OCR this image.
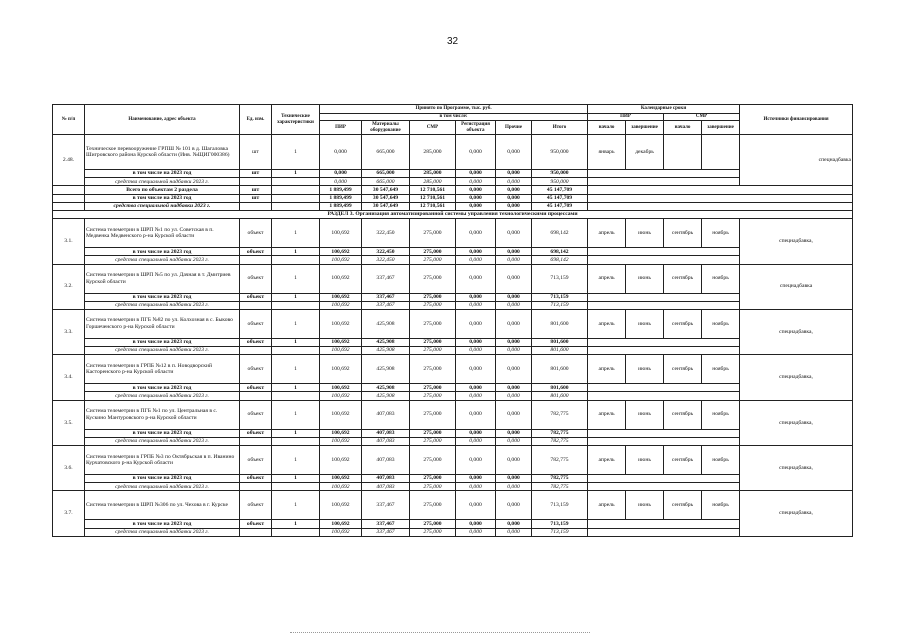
32
№ п/п	Наименование, адрес объекта	Ед. изм.	Технические характеристики	Принято по Программе, тыс. руб.						Календарные сроки				Источники финансирования
				в том числе:						ПИР		СМР		
				ПИР	Материалы оборудование	СМР	Регистрация объекта	Прочие	Итого	начало	завершение	начало	завершение	
2.48.	Техническое перевооружение ГРПШ № 101 в д. Шагаловка Шигровского района Курской области (Инв. №ЩИГ000386)	шт	1	0,000	665,000	285,000	0,000	0,000	950,000	январь	декабрь			спецнадбавка
	в том числе на 2023 год	шт	1	0,000	665,000	285,000	0,000	0,000	950,000					
	средства специальной надбавки 2023 г.			0,000	665,000	285,000	0,000	0,000	950,000					
	Всего по объектам 2 раздела	шт		1 889,499	30 547,649	12 710,561	0,000	0,000	45 147,709					
	в том числе на 2023 год	шт		1 889,499	30 547,649	12 710,561	0,000	0,000	45 147,709					
	средства специальной надбавки 2023 г.			1 889,499	30 547,649	12 710,561	0,000	0,000	45 147,709					
РАЗДЕЛ 3. Организация автоматизированной системы управления технологическими процессами														
3.1.	Система телеметрии в ШРП №1 по ул. Советская в п. Медвенка Медвенского р-на Курской области	объект	1	100,692	322,450	275,000	0,000	0,000	698,142	апрель	июнь	сентябрь	ноябрь	спецнадбавка,
	в том числе на 2023 год	объект	1	100,692	322,450	275,000	0,000	0,000	698,142					
	средства специальной надбавки 2023 г.			100,692	322,450	275,000	0,000	0,000	698,142					
3.2.	Система телеметрии в ШРП №5 по ул. Дачная в т. Дмитриев Курской области	объект	1	100,692	337,467	275,000	0,000	0,000	713,159	апрель	июнь	сентябрь	ноябрь	спецнадбавка
	в том числе на 2023 год	объект	1	100,692	337,467	275,000	0,000	0,000	713,159					
	средства специальной надбавки 2023 г.			100,692	337,467	275,000	0,000	0,000	713,159					
3.3.	Система телеметрии в ПГБ №82 по ул. Колхозная в с. Быково Горшеченского р-на Курской области	объект	1	100,692	425,908	275,000	0,000	0,000	801,600	апрель	июнь	сентябрь	ноябрь	спецнадбавка,
	в том числе на 2023 год	объект	1	100,692	425,908	275,000	0,000	0,000	801,600					
	средства специальной надбавки 2023 г.			100,692	425,908	275,000	0,000	0,000	801,600					
3.4.	Система телеметрии в ГРПБ №12 в п. Новодворский Касторенского р-на Курской области	объект	1	100,692	425,908	275,000	0,000	0,000	801,600	апрель	июнь	сентябрь	ноябрь	спецнадбавка,
	в том числе на 2023 год	объект	1	100,692	425,908	275,000	0,000	0,000	801,600					
	средства специальной надбавки 2023 г.			100,692	425,908	275,000	0,000	0,000	801,600					
3.5.	Система телеметрии в ПГБ №1 по ул. Центральная в с. Кускино Мантуровского р-на Курской области	объект	1	100,692	407,083	275,000	0,000	0,000	782,775	апрель	июнь	сентябрь	ноябрь	спецнадбавка,
	в том числе на 2023 год	объект	1	100,692	407,083	275,000	0,000	0,000	782,775					
	средства специальной надбавки 2023 г.			100,692	407,083	275,000	0,000	0,000	782,775					
3.6.	Система телеметрии в ГРПБ №3 по Октябрьская в п. Иванино Курчатовского р-на Курской области	объект	1	100,692	407,083	275,000	0,000	0,000	782,775	апрель	июнь	сентябрь	ноябрь	спецнадбавка,
	в том числе на 2023 год	объект	1	100,692	407,083	275,000	0,000	0,000	782,775					
	средства специальной надбавки 2023 г.			100,692	407,083	275,000	0,000	0,000	782,775					
3.7.	Система телеметрии в ШРП №306 по ул. Чехова в г. Курске	объект	1	100,692	337,467	275,000	0,000	0,000	713,159	апрель	июнь	сентябрь	ноябрь	спецнадбавка,
	в том числе на 2023 год	объект	1	100,692	337,467	275,000	0,000	0,000	713,159					
	средства специальной надбавки 2023 г.			100,692	337,467	275,000	0,000	0,000	713,159					
